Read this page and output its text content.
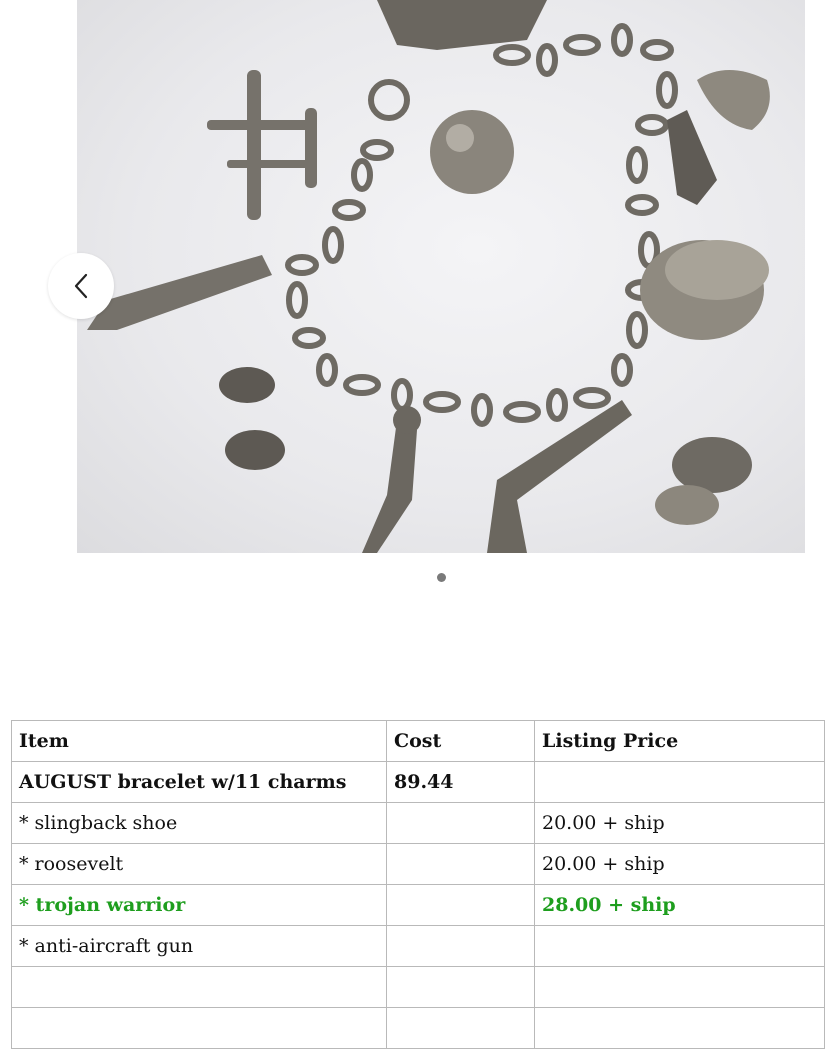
Item	Cost	Listing Price
AUGUST bracelet w/11 charms	89.44	
* slingback shoe		20.00 + ship
* roosevelt		20.00 + ship
* trojan warrior		28.00 + ship
* anti-aircraft gun		
